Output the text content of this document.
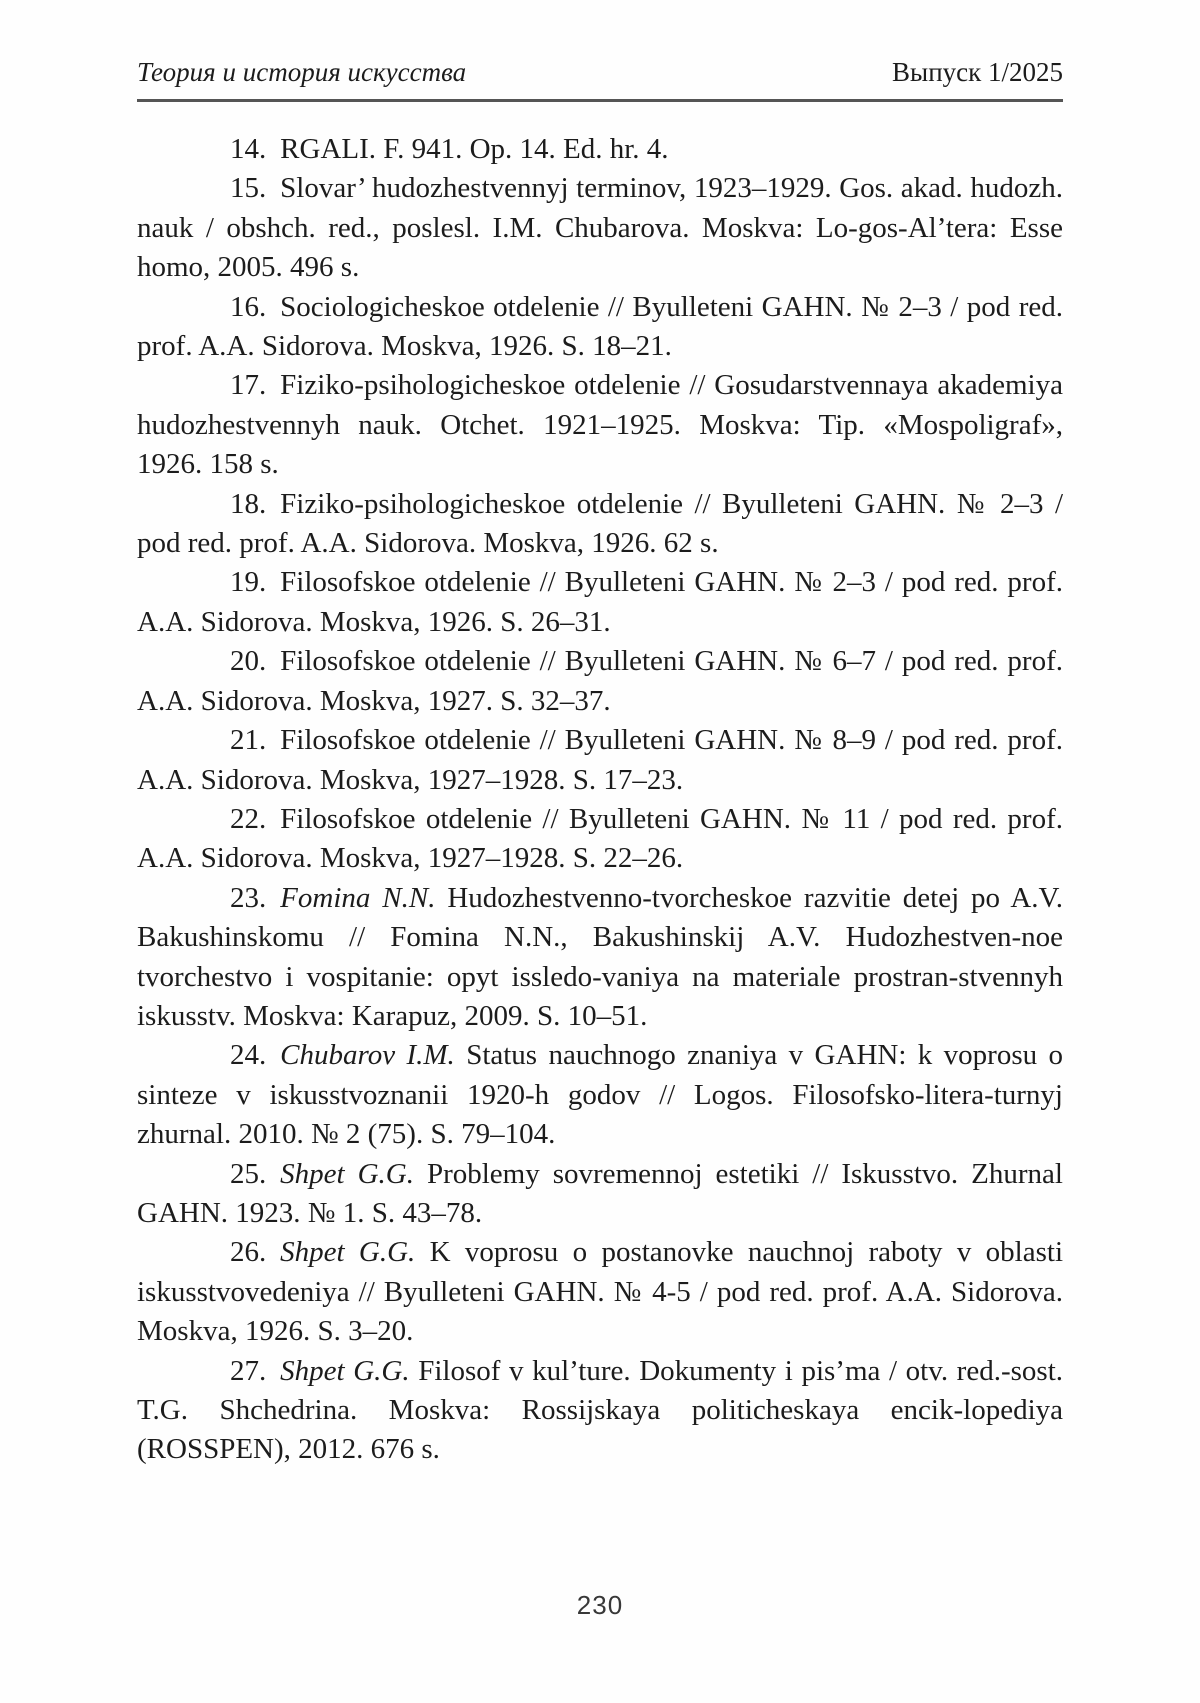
Теория и история искусства	Выпуск 1/2025

14. RGALI. F. 941. Op. 14. Ed. hr. 4.

15. Slovar’ hudozhestvennyj terminov, 1923–1929. Gos. akad. hudozh. nauk / obshch. red., poslesl. I.M. Chubarova. Moskva: Lo-gos-Al’tera: Esse homo, 2005. 496 s.

16. Sociologicheskoe otdelenie // Byulleteni GAHN. № 2–3 / pod red. prof. A.A. Sidorova. Moskva, 1926. S. 18–21.

17. Fiziko-psihologicheskoe otdelenie // Gosudarstvennaya akademiya hudozhestvennyh nauk. Otchet. 1921–1925. Moskva: Tip. «Mospoligraf», 1926. 158 s.

18. Fiziko-psihologicheskoe otdelenie // Byulleteni GAHN. № 2–3 / pod red. prof. A.A. Sidorova. Moskva, 1926. 62 s.

19. Filosofskoe otdelenie // Byulleteni GAHN. № 2–3 / pod red. prof. A.A. Sidorova. Moskva, 1926. S. 26–31.

20. Filosofskoe otdelenie // Byulleteni GAHN. № 6–7 / pod red. prof. A.A. Sidorova. Moskva, 1927. S. 32–37.

21. Filosofskoe otdelenie // Byulleteni GAHN. № 8–9 / pod red. prof. A.A. Sidorova. Moskva, 1927–1928. S. 17–23.

22. Filosofskoe otdelenie // Byulleteni GAHN. № 11 / pod red. prof. A.A. Sidorova. Moskva, 1927–1928. S. 22–26.

23. Fomina N.N. Hudozhestvenno-tvorcheskoe razvitie detej po A.V. Bakushinskomu // Fomina N.N., Bakushinskij A.V. Hudozhestven-noe tvorchestvo i vospitanie: opyt issledo-vaniya na materiale prostran-stvennyh iskusstv. Moskva: Karapuz, 2009. S. 10–51.

24. Chubarov I.M. Status nauchnogo znaniya v GAHN: k voprosu o sinteze v iskusstvoznanii 1920-h godov // Logos. Filosofsko-litera-turnyj zhurnal. 2010. № 2 (75). S. 79–104.

25. Shpet G.G. Problemy sovremennoj estetiki // Iskusstvo. Zhurnal GAHN. 1923. № 1. S. 43–78.

26. Shpet G.G. K voprosu o postanovke nauchnoj raboty v oblasti iskusstvovedeniya // Byulleteni GAHN. № 4-5 / pod red. prof. A.A. Sidorova. Moskva, 1926. S. 3–20.

27. Shpet G.G. Filosof v kul’ture. Dokumenty i pis’ma / otv. red.-sost. T.G. Shchedrina. Moskva: Rossijskaya politicheskaya encik-lopediya (ROSSPEN), 2012. 676 s.

230
